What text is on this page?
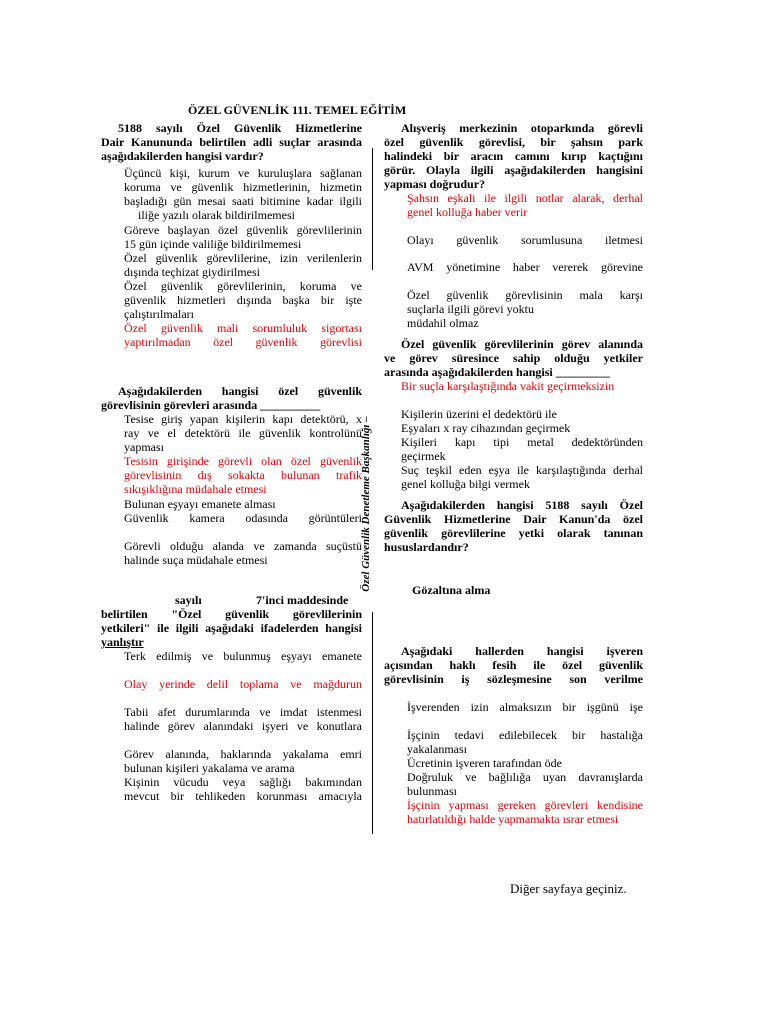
ÖZEL GÜVENLİK 111. TEMEL EĞİTİM
Özel Güvenlik Denetleme Başkanlığı –
5188 sayılı Özel Güvenlik Hizmetlerine
Dair Kanununda belirtilen adli suçlar arasında
aşağıdakilerden hangisi vardır?
Üçüncü kişi, kurum ve kuruluşlara sağlanan
koruma ve güvenlik hizmetlerinin, hizmetin
başladığı gün mesai saati bitimine kadar ilgili
iliğe yazılı olarak bildirilmemesi
Göreve başlayan özel güvenlik görevlilerinin
15 gün içinde valiliğe bildirilmemesi
Özel güvenlik görevlilerine, izin verilenlerin
dışında teçhizat giydirilmesi
Özel güvenlik görevlilerinin, koruma ve
güvenlik hizmetleri dışında başka bir işte
çalıştırılmaları
Özel güvenlik mali sorumluluk sigortası
yaptırılmadan özel güvenlik görevlisi
Aşağıdakilerden hangisi özel güvenlik
görevlisinin görevleri arasında __________
Tesise giriş yapan kişilerin kapı detektörü, x
ray ve el detektörü ile güvenlik kontrolünü
yapması
Tesisin girişinde görevli olan özel güvenlik
görevlisinin dış sokakta bulunan trafik
sıkışıklığına müdahale etmesi
Bulunan eşyayı emanete alması
Güvenlik kamera odasında görüntüleri
Görevli olduğu alanda ve zamanda suçüstü
halinde suça müdahale etmesi
sayılı	7'inci maddesinde
belirtilen "Özel güvenlik görevlilerinin
yetkileri" ile ilgili aşağıdaki ifadelerden hangisi
yanlıştır
Terk edilmiş ve bulunmuş eşyayı emanete
Olay yerinde delil toplama ve mağdurun
Tabii afet durumlarında ve imdat istenmesi
halinde görev alanındaki işyeri ve konutlara
Görev alanında, haklarında yakalama emri
bulunan kişileri yakalama ve arama
Kişinin vücudu veya sağlığı bakımından
mevcut bir tehlikeden korunması amacıyla
Alışveriş merkezinin otoparkında görevli
özel güvenlik görevlisi, bir şahsın park
halindeki bir aracın camını kırıp kaçtığını
görür. Olayla ilgili aşağıdakilerden hangisini
yapması doğrudur?
Şahsın eşkali ile ilgili notlar alarak, derhal
genel kolluğa haber verir
Olayı güvenlik sorumlusuna iletmesi
AVM yönetimine haber vererek görevine
Özel güvenlik görevlisinin mala karşı
suçlarla ilgili görevi yoktu
müdahil olmaz
Özel güvenlik görevlilerinin görev alanında
ve görev süresince sahip olduğu yetkiler
arasında aşağıdakilerden hangisi _________
Bir suçla karşılaştığında vakit geçirmeksizin
Kişilerin üzerini el dedektörü ile
Eşyaları x ray cihazından geçirmek
Kişileri kapı tipi metal dedektöründen
geçirmek
Suç teşkil eden eşya ile karşılaştığında derhal
genel kolluğa bilgi vermek
Aşağıdakilerden hangisi 5188 sayılı Özel
Güvenlik Hizmetlerine Dair Kanun'da özel
güvenlik görevlilerine yetki olarak tanınan
hususlardandır?
Gözaltına alma
Aşağıdaki hallerden hangisi işveren
açısından haklı fesih ile özel güvenlik
görevlisinin iş sözleşmesine son verilme
İşverenden izin almaksızın bir işgünü işe
İşçinin tedavi edilebilecek bir hastalığa
yakalanması
Ücretinin işveren tarafından öde
Doğruluk ve bağlılığa uyan davranışlarda
bulunması
İşçinin yapması gereken görevleri kendisine
hatırlatıldığı halde yapmamakta ısrar etmesi
Diğer sayfaya geçiniz.
